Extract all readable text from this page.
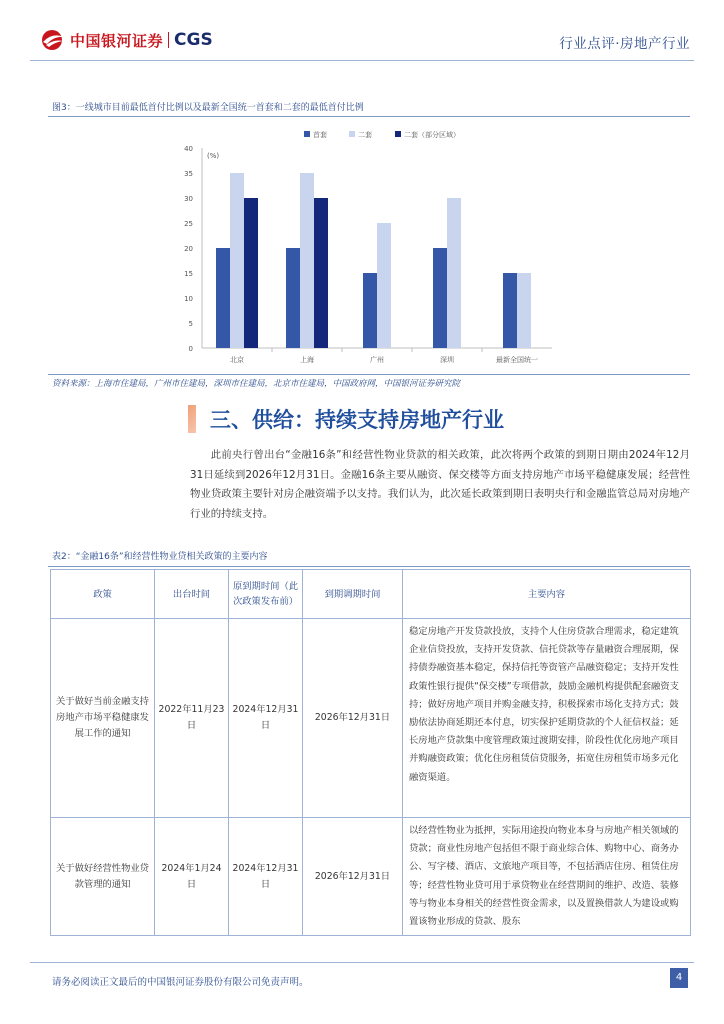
中国银河证券 CGS	行业点评·房地产行业
图3：一线城市目前最低首付比例以及最新全国统一首套和二套的最低首付比例
首套	二套	二套（部分区域）
0
5
10
15
20
25
30
35
40
(%)
北京	上海	广州	深圳	最新全国统一
资料来源：上海市住建局，广州市住建局，深圳市住建局，北京市住建局，中国政府网，中国银河证券研究院
三、供给：持续支持房地产行业
此前央行曾出台“金融16条”和经营性物业贷款的相关政策，此次将两个政策的到期日期由2024年12月31日延续到2026年12月31日。金融16条主要从融资、保交楼等方面支持房地产市场平稳健康发展；经营性物业贷政策主要针对房企融资端予以支持。我们认为，此次延长政策到期日表明央行和金融监管总局对房地产行业的持续支持。
表2：“金融16条”和经营性物业贷相关政策的主要内容
政策	出台时间	原到期时间（此次政策发布前）	到期调期时间	主要内容
关于做好当前金融支持房地产市场平稳健康发展工作的通知	2022年11月23日	2024年12月31日	2026年12月31日	稳定房地产开发贷款投放，支持个人住房贷款合理需求，稳定建筑企业信贷投放，支持开发贷款、信托贷款等存量融资合理展期，保持债券融资基本稳定，保持信托等资管产品融资稳定；支持开发性政策性银行提供“保交楼”专项借款，鼓励金融机构提供配套融资支持；做好房地产项目并购金融支持，积极探索市场化支持方式；鼓励依法协商延期还本付息，切实保护延期贷款的个人征信权益；延长房地产贷款集中度管理政策过渡期安排，阶段性优化房地产项目并购融资政策；优化住房租赁信贷服务，拓宽住房租赁市场多元化融资渠道。
关于做好经营性物业贷款管理的通知	2024年1月24日	2024年12月31日	2026年12月31日	以经营性物业为抵押，实际用途投向物业本身与房地产相关领域的贷款；商业性房地产包括但不限于商业综合体、购物中心、商务办公、写字楼、酒店、文旅地产项目等，不包括酒店住房、租赁住房等；经营性物业贷可用于承贷物业在经营期间的维护、改造、装修等与物业本身相关的经营性资金需求，以及置换借款人为建设或购置该物业形成的贷款、股东
请务必阅读正文最后的中国银河证券股份有限公司免责声明。	4
